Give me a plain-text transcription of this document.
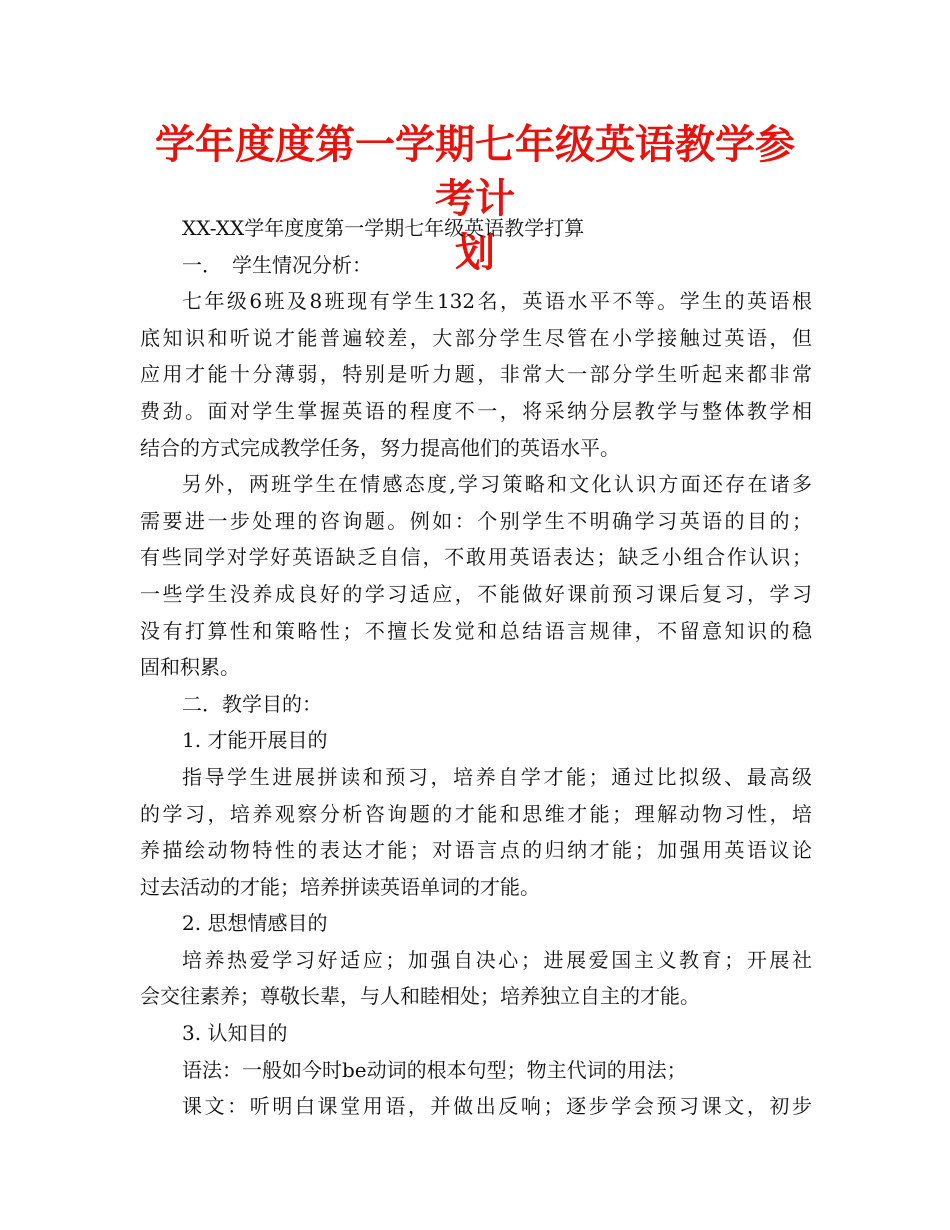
学年度度第一学期七年级英语教学参考计
划
XX-XX学年度度第一学期七年级英语教学打算
一．　学生情况分析：
七年级6班及8班现有学生132名，英语水平不等。学生的英语根
底知识和听说才能普遍较差，大部分学生尽管在小学接触过英语，但
应用才能十分薄弱，特别是听力题，非常大一部分学生听起来都非常
费劲。面对学生掌握英语的程度不一，将采纳分层教学与整体教学相
结合的方式完成教学任务，努力提高他们的英语水平。
另外，两班学生在情感态度,学习策略和文化认识方面还存在诸多
需要进一步处理的咨询题。例如：个别学生不明确学习英语的目的；
有些同学对学好英语缺乏自信，不敢用英语表达；缺乏小组合作认识；
一些学生没养成良好的学习适应，不能做好课前预习课后复习，学习
没有打算性和策略性；不擅长发觉和总结语言规律，不留意知识的稳
固和积累。
二．教学目的：
1. 才能开展目的
指导学生进展拼读和预习，培养自学才能；通过比拟级、最高级
的学习，培养观察分析咨询题的才能和思维才能；理解动物习性，培
养描绘动物特性的表达才能；对语言点的归纳才能；加强用英语议论
过去活动的才能；培养拼读英语单词的才能。
2. 思想情感目的
培养热爱学习好适应；加强自决心；进展爱国主义教育；开展社
会交往素养；尊敬长辈，与人和睦相处；培养独立自主的才能。
3. 认知目的
语法：一般如今时be动词的根本句型；物主代词的用法；
课文：听明白课堂用语，并做出反响；逐步学会预习课文，初步
